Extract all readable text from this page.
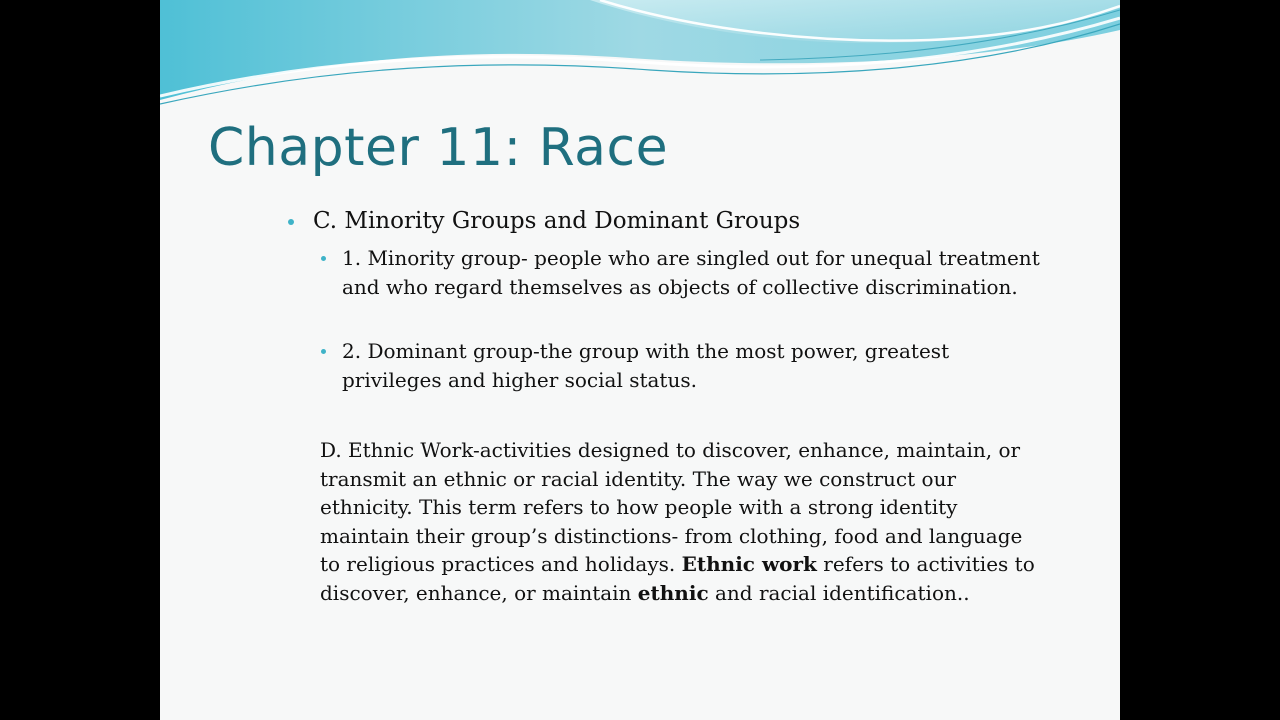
Chapter 11: Race
C. Minority Groups and Dominant Groups
1. Minority group- people who are singled out for unequal treatment and who regard themselves as objects of collective discrimination.
2. Dominant group-the group with the most power, greatest privileges and higher social status.
D. Ethnic Work-activities designed to discover, enhance, maintain, or transmit an ethnic or racial identity. The way we construct our ethnicity. This term refers to how people with a strong identity maintain their group’s distinctions- from clothing, food and language to religious practices and holidays. Ethnic work refers to activities to discover, enhance, or maintain ethnic and racial identification..
